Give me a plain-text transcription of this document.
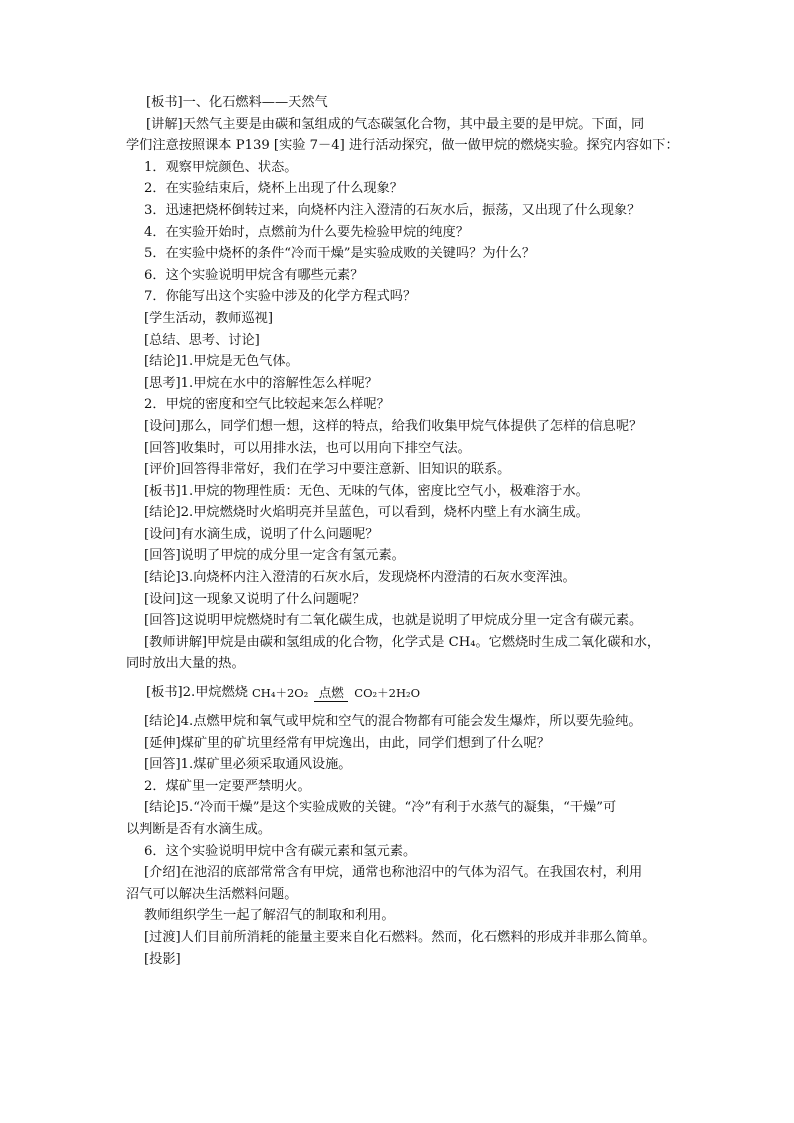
[板书]一、化石燃料——天然气
[讲解]天然气主要是由碳和氢组成的气态碳氢化合物，其中最主要的是甲烷。下面，同
学们注意按照课本 P139 [实验 7－4] 进行活动探究，做一做甲烷的燃烧实验。探究内容如下：
1．观察甲烷颜色、状态。
2．在实验结束后，烧杯上出现了什么现象？
3．迅速把烧杯倒转过来，向烧杯内注入澄清的石灰水后，振荡，又出现了什么现象？
4．在实验开始时，点燃前为什么要先检验甲烷的纯度？
5．在实验中烧杯的条件“冷而干燥”是实验成败的关键吗？为什么？
6．这个实验说明甲烷含有哪些元素？
7．你能写出这个实验中涉及的化学方程式吗？
[学生活动，教师巡视]
[总结、思考、讨论]
[结论]1.甲烷是无色气体。
[思考]1.甲烷在水中的溶解性怎么样呢？
2．甲烷的密度和空气比较起来怎么样呢？
[设问]那么，同学们想一想，这样的特点，给我们收集甲烷气体提供了怎样的信息呢？
[回答]收集时，可以用排水法，也可以用向下排空气法。
[评价]回答得非常好，我们在学习中要注意新、旧知识的联系。
[板书]1.甲烷的物理性质：无色、无味的气体，密度比空气小，极难溶于水。
[结论]2.甲烷燃烧时火焰明亮并呈蓝色，可以看到，烧杯内壁上有水滴生成。
[设问]有水滴生成，说明了什么问题呢？
[回答]说明了甲烷的成分里一定含有氢元素。
[结论]3.向烧杯内注入澄清的石灰水后，发现烧杯内澄清的石灰水变浑浊。
[设问]这一现象又说明了什么问题呢？
[回答]这说明甲烷燃烧时有二氧化碳生成，也就是说明了甲烷成分里一定含有碳元素。
[教师讲解]甲烷是由碳和氢组成的化合物，化学式是 CH₄。它燃烧时生成二氧化碳和水，
同时放出大量的热。
[板书]2.甲烷燃烧 CH₄＋2O₂ 点燃 CO₂＋2H₂O
[结论]4.点燃甲烷和氧气或甲烷和空气的混合物都有可能会发生爆炸，所以要先验纯。
[延伸]煤矿里的矿坑里经常有甲烷逸出，由此，同学们想到了什么呢？
[回答]1.煤矿里必须采取通风设施。
2．煤矿里一定要严禁明火。
[结论]5.“冷而干燥”是这个实验成败的关键。“冷”有利于水蒸气的凝集，“干燥”可
以判断是否有水滴生成。
6．这个实验说明甲烷中含有碳元素和氢元素。
[介绍]在池沼的底部常常含有甲烷，通常也称池沼中的气体为沼气。在我国农村，利用
沼气可以解决生活燃料问题。
教师组织学生一起了解沼气的制取和利用。
[过渡]人们目前所消耗的能量主要来自化石燃料。然而，化石燃料的形成并非那么简单。
[投影]
